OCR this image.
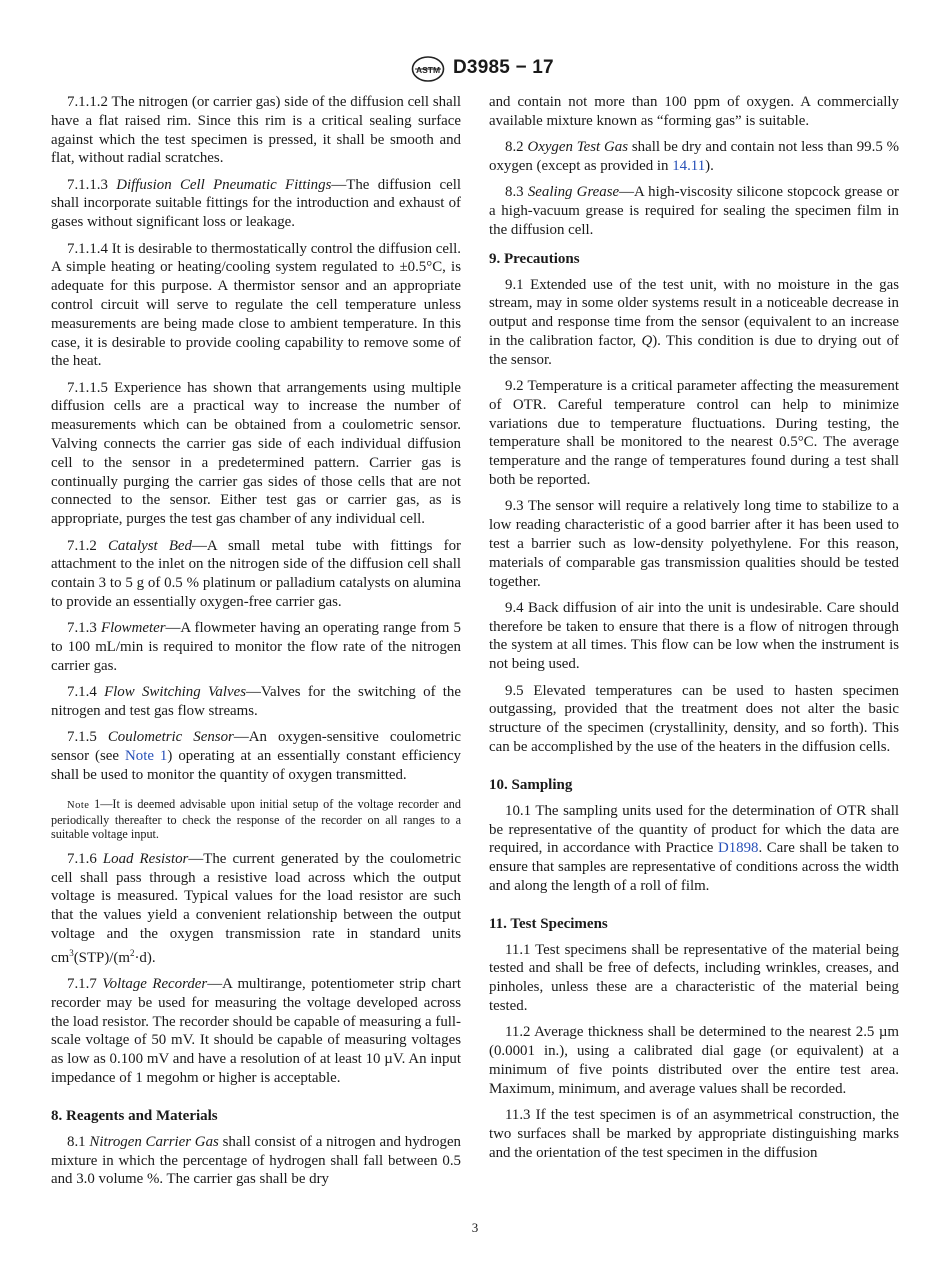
ASTM D3985 − 17

7.1.1.2 The nitrogen (or carrier gas) side of the diffusion cell shall have a flat raised rim. Since this rim is a critical sealing surface against which the test specimen is pressed, it shall be smooth and flat, without radial scratches.

7.1.1.3 Diffusion Cell Pneumatic Fittings—The diffusion cell shall incorporate suitable fittings for the introduction and exhaust of gases without significant loss or leakage.

7.1.1.4 It is desirable to thermostatically control the diffusion cell. A simple heating or heating/cooling system regulated to ±0.5°C, is adequate for this purpose. A thermistor sensor and an appropriate control circuit will serve to regulate the cell temperature unless measurements are being made close to ambient temperature. In this case, it is desirable to provide cooling capability to remove some of the heat.

7.1.1.5 Experience has shown that arrangements using multiple diffusion cells are a practical way to increase the number of measurements which can be obtained from a coulometric sensor. Valving connects the carrier gas side of each individual diffusion cell to the sensor in a predetermined pattern. Carrier gas is continually purging the carrier gas sides of those cells that are not connected to the sensor. Either test gas or carrier gas, as is appropriate, purges the test gas chamber of any individual cell.

7.1.2 Catalyst Bed—A small metal tube with fittings for attachment to the inlet on the nitrogen side of the diffusion cell shall contain 3 to 5 g of 0.5 % platinum or palladium catalysts on alumina to provide an essentially oxygen-free carrier gas.

7.1.3 Flowmeter—A flowmeter having an operating range from 5 to 100 mL/min is required to monitor the flow rate of the nitrogen carrier gas.

7.1.4 Flow Switching Valves—Valves for the switching of the nitrogen and test gas flow streams.

7.1.5 Coulometric Sensor—An oxygen-sensitive coulometric sensor (see Note 1) operating at an essentially constant efficiency shall be used to monitor the quantity of oxygen transmitted.

Note 1—It is deemed advisable upon initial setup of the voltage recorder and periodically thereafter to check the response of the recorder on all ranges to a suitable voltage input.

7.1.6 Load Resistor—The current generated by the coulometric cell shall pass through a resistive load across which the output voltage is measured. Typical values for the load resistor are such that the values yield a convenient relationship between the output voltage and the oxygen transmission rate in standard units $cm^3(STP)/(m^2\cdot d)$.

7.1.7 Voltage Recorder—A multirange, potentiometer strip chart recorder may be used for measuring the voltage developed across the load resistor. The recorder should be capable of measuring a full-scale voltage of 50 mV. It should be capable of measuring voltages as low as 0.100 mV and have a resolution of at least 10 µV. An input impedance of 1 megohm or higher is acceptable.

8. Reagents and Materials

8.1 Nitrogen Carrier Gas shall consist of a nitrogen and hydrogen mixture in which the percentage of hydrogen shall fall between 0.5 and 3.0 volume %. The carrier gas shall be dry

and contain not more than 100 ppm of oxygen. A commercially available mixture known as “forming gas” is suitable.

8.2 Oxygen Test Gas shall be dry and contain not less than 99.5 % oxygen (except as provided in 14.11).

8.3 Sealing Grease—A high-viscosity silicone stopcock grease or a high-vacuum grease is required for sealing the specimen film in the diffusion cell.

9. Precautions

9.1 Extended use of the test unit, with no moisture in the gas stream, may in some older systems result in a noticeable decrease in output and response time from the sensor (equivalent to an increase in the calibration factor, Q). This condition is due to drying out of the sensor.

9.2 Temperature is a critical parameter affecting the measurement of OTR. Careful temperature control can help to minimize variations due to temperature fluctuations. During testing, the temperature shall be monitored to the nearest 0.5°C. The average temperature and the range of temperatures found during a test shall both be reported.

9.3 The sensor will require a relatively long time to stabilize to a low reading characteristic of a good barrier after it has been used to test a barrier such as low-density polyethylene. For this reason, materials of comparable gas transmission qualities should be tested together.

9.4 Back diffusion of air into the unit is undesirable. Care should therefore be taken to ensure that there is a flow of nitrogen through the system at all times. This flow can be low when the instrument is not being used.

9.5 Elevated temperatures can be used to hasten specimen outgassing, provided that the treatment does not alter the basic structure of the specimen (crystallinity, density, and so forth). This can be accomplished by the use of the heaters in the diffusion cells.

10. Sampling

10.1 The sampling units used for the determination of OTR shall be representative of the quantity of product for which the data are required, in accordance with Practice D1898. Care shall be taken to ensure that samples are representative of conditions across the width and along the length of a roll of film.

11. Test Specimens

11.1 Test specimens shall be representative of the material being tested and shall be free of defects, including wrinkles, creases, and pinholes, unless these are a characteristic of the material being tested.

11.2 Average thickness shall be determined to the nearest 2.5 µm (0.0001 in.), using a calibrated dial gage (or equivalent) at a minimum of five points distributed over the entire test area. Maximum, minimum, and average values shall be recorded.

11.3 If the test specimen is of an asymmetrical construction, the two surfaces shall be marked by appropriate distinguishing marks and the orientation of the test specimen in the diffusion

3
